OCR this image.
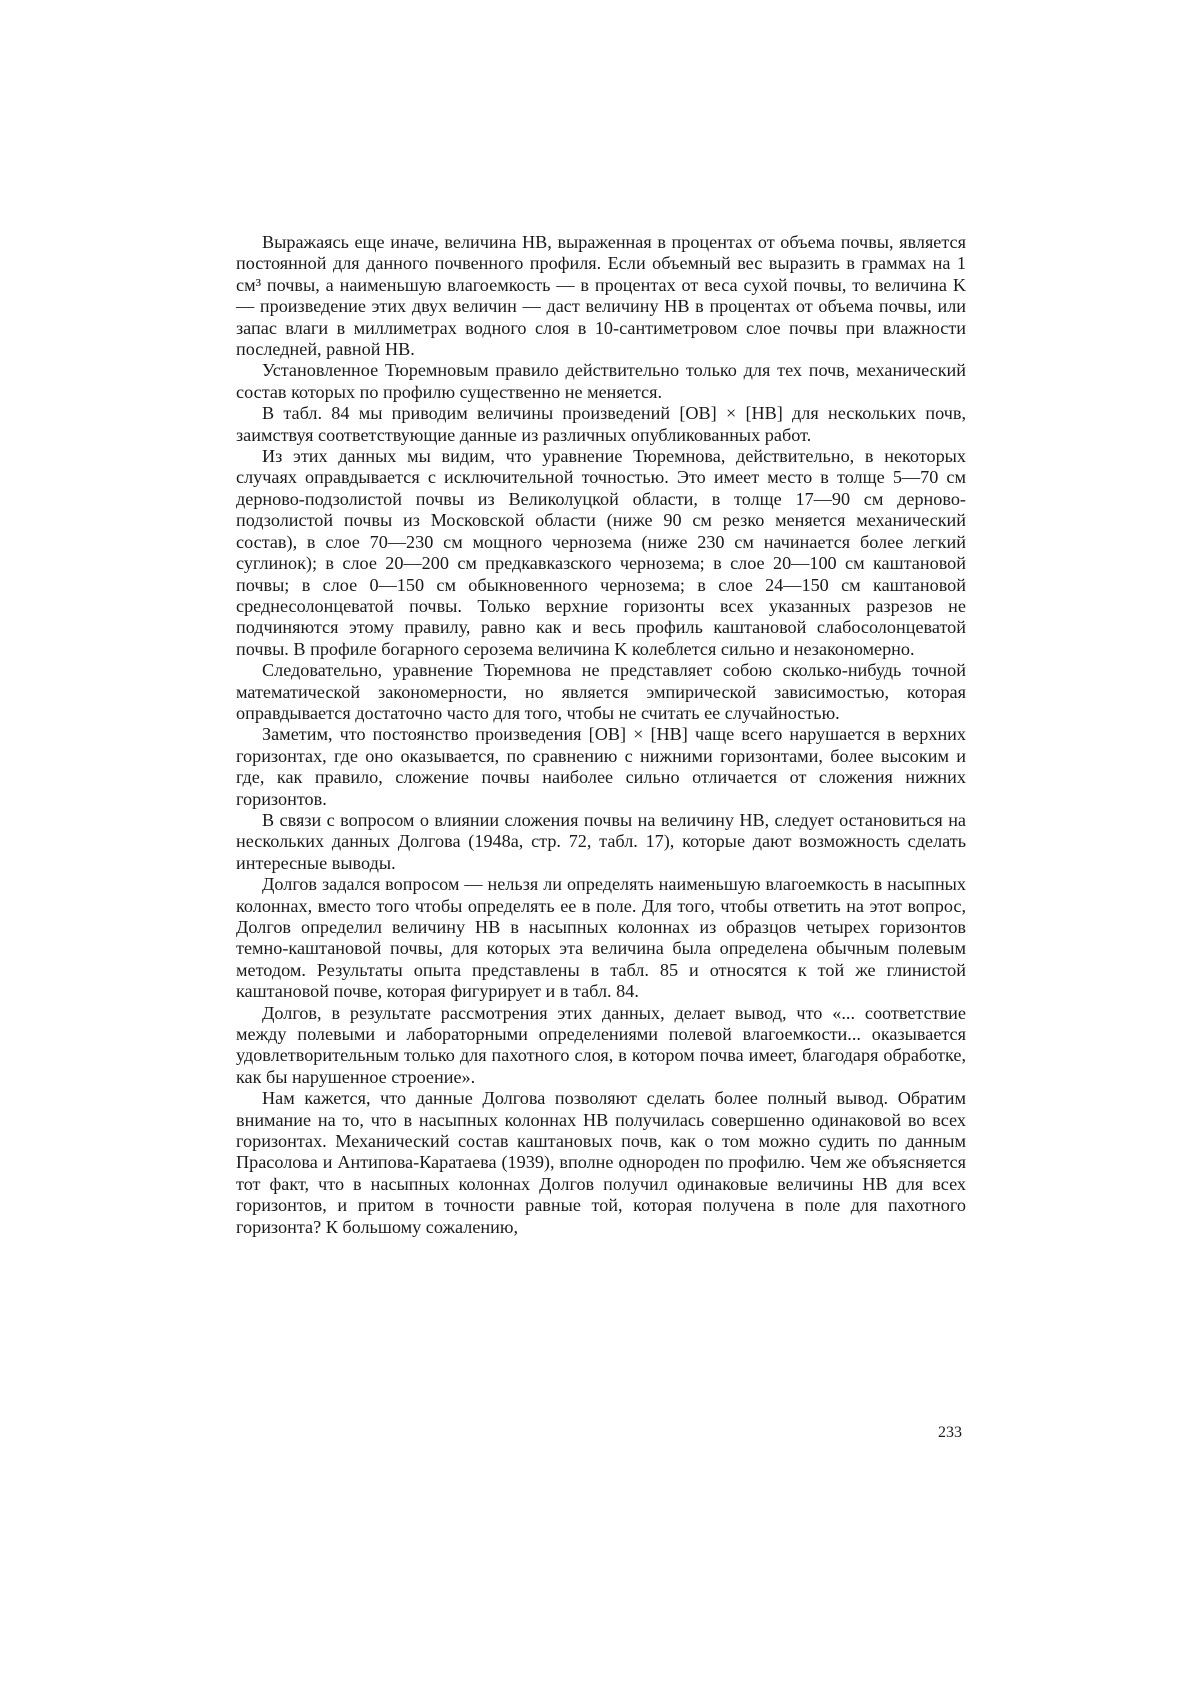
Выражаясь еще иначе, величина НВ, выраженная в процентах от объема почвы, является постоянной для данного почвенного профиля. Если объемный вес выразить в граммах на 1 см³ почвы, а наименьшую влагоемкость — в процентах от веса сухой почвы, то величина K — произведение этих двух величин — даст величину НВ в процентах от объема почвы, или запас влаги в миллиметрах водного слоя в 10-сантиметровом слое почвы при влажности последней, равной НВ.

Установленное Тюремновым правило действительно только для тех почв, механический состав которых по профилю существенно не меняется.

В табл. 84 мы приводим величины произведений [ОВ] × [НВ] для нескольких почв, заимствуя соответствующие данные из различных опубликованных работ.

Из этих данных мы видим, что уравнение Тюремнова, действительно, в некоторых случаях оправдывается с исключительной точностью. Это имеет место в толще 5—70 см дерново-подзолистой почвы из Великолуцкой области, в толще 17—90 см дерново-подзолистой почвы из Московской области (ниже 90 см резко меняется механический состав), в слое 70—230 см мощного чернозема (ниже 230 см начинается более легкий суглинок); в слое 20—200 см предкавказского чернозема; в слое 20—100 см каштановой почвы; в слое 0—150 см обыкновенного чернозема; в слое 24—150 см каштановой среднесолонцеватой почвы. Только верхние горизонты всех указанных разрезов не подчиняются этому правилу, равно как и весь профиль каштановой слабосолонцеватой почвы. В профиле богарного сероземa величина K колеблется сильно и незакономерно.

Следовательно, уравнение Тюремнова не представляет собою сколько-нибудь точной математической закономерности, но является эмпирической зависимостью, которая оправдывается достаточно часто для того, чтобы не считать ее случайностью.

Заметим, что постоянство произведения [ОВ] × [НВ] чаще всего нарушается в верхних горизонтах, где оно оказывается, по сравнению с нижними горизонтами, более высоким и где, как правило, сложение почвы наиболее сильно отличается от сложения нижних горизонтов.

В связи с вопросом о влиянии сложения почвы на величину НВ, следует остановиться на нескольких данных Долгова (1948а, стр. 72, табл. 17), которые дают возможность сделать интересные выводы.

Долгов задался вопросом — нельзя ли определять наименьшую влагоемкость в насыпных колоннах, вместо того чтобы определять ее в поле. Для того, чтобы ответить на этот вопрос, Долгов определил величину НВ в насыпных колоннах из образцов четырех горизонтов темно-каштановой почвы, для которых эта величина была определена обычным полевым методом. Результаты опыта представлены в табл. 85 и относятся к той же глинистой каштановой почве, которая фигурирует и в табл. 84.

Долгов, в результате рассмотрения этих данных, делает вывод, что «... соответствие между полевыми и лабораторными определениями полевой влагоемкости... оказывается удовлетворительным только для пахотного слоя, в котором почва имеет, благодаря обработке, как бы нарушенное строение».

Нам кажется, что данные Долгова позволяют сделать более полный вывод. Обратим внимание на то, что в насыпных колоннах НВ получилась совершенно одинаковой во всех горизонтах. Механический состав каштановых почв, как о том можно судить по данным Прасолова и Антипова-Каратаева (1939), вполне однороден по профилю. Чем же объясняется тот факт, что в насыпных колоннах Долгов получил одинаковые величины НВ для всех горизонтов, и притом в точности равные той, которая получена в поле для пахотного горизонта? К большому сожалению,

233
